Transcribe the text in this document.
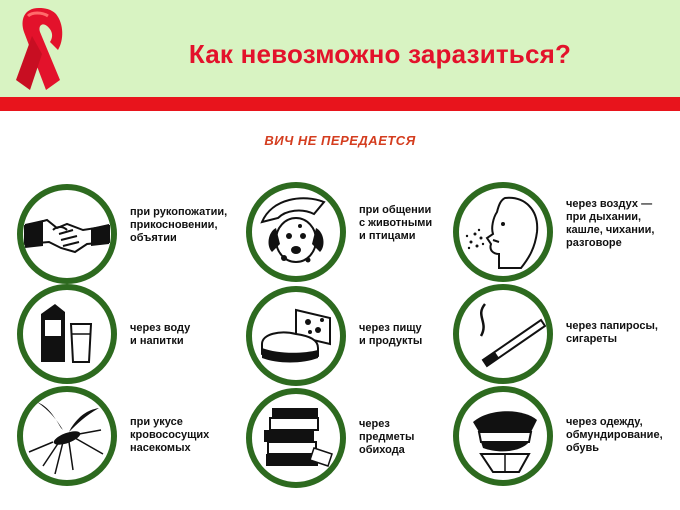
Как невозможно заразиться?
ВИЧ НЕ ПЕРЕДАЕТСЯ
при рукопожатии,
прикосновении,
объятии
при общении
с животными
и птицами
через воздух —
при дыхании,
кашле, чихании,
разговоре
через воду
и напитки
через пищу
и продукты
через папиросы,
сигареты
при укусе
кровососущих
насекомых
через
предметы
обихода
через одежду,
обмундирование,
обувь
